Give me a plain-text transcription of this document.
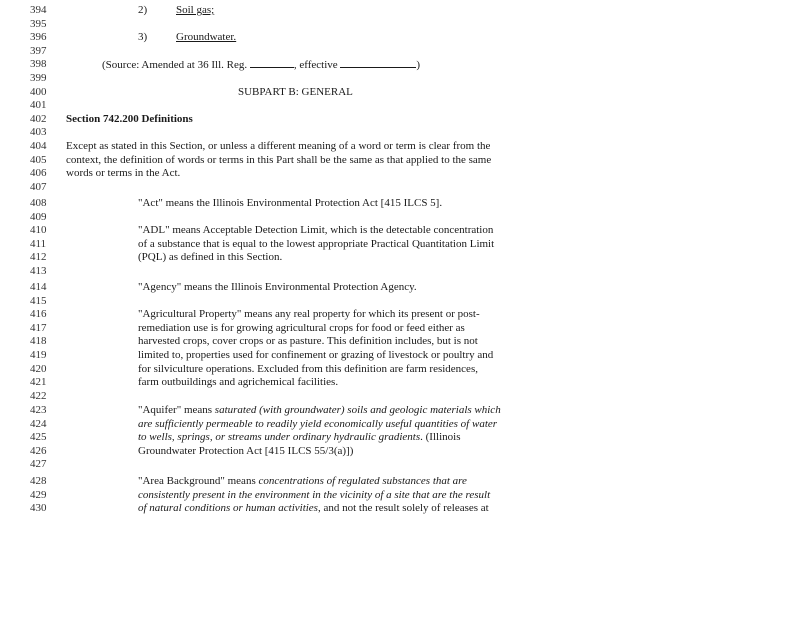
394	2)	Soil gas;
395
396	3)	Groundwater.
397
398	(Source: Amended at 36 Ill. Reg.	, effective	)
399
400	SUBPART B: GENERAL
401
402	Section 742.200 Definitions
403
404	Except as stated in this Section, or unless a different meaning of a word or term is clear from the
405	context, the definition of words or terms in this Part shall be the same as that applied to the same
406	words or terms in the Act.
407
408	"Act" means the Illinois Environmental Protection Act [415 ILCS 5].
409
410	"ADL" means Acceptable Detection Limit, which is the detectable concentration
411	of a substance that is equal to the lowest appropriate Practical Quantitation Limit
412	(PQL) as defined in this Section.
413
414	"Agency" means the Illinois Environmental Protection Agency.
415
416	"Agricultural Property" means any real property for which its present or post-
417	remediation use is for growing agricultural crops for food or feed either as
418	harvested crops, cover crops or as pasture. This definition includes, but is not
419	limited to, properties used for confinement or grazing of livestock or poultry and
420	for silviculture operations. Excluded from this definition are farm residences,
421	farm outbuildings and agrichemical facilities.
422
423	"Aquifer" means saturated (with groundwater) soils and geologic materials which
424	are sufficiently permeable to readily yield economically useful quantities of water
425	to wells, springs, or streams under ordinary hydraulic gradients. (Illinois
426	Groundwater Protection Act [415 ILCS 55/3(a)])
427
428	"Area Background" means concentrations of regulated substances that are
429	consistently present in the environment in the vicinity of a site that are the result
430	of natural conditions or human activities, and not the result solely of releases at
